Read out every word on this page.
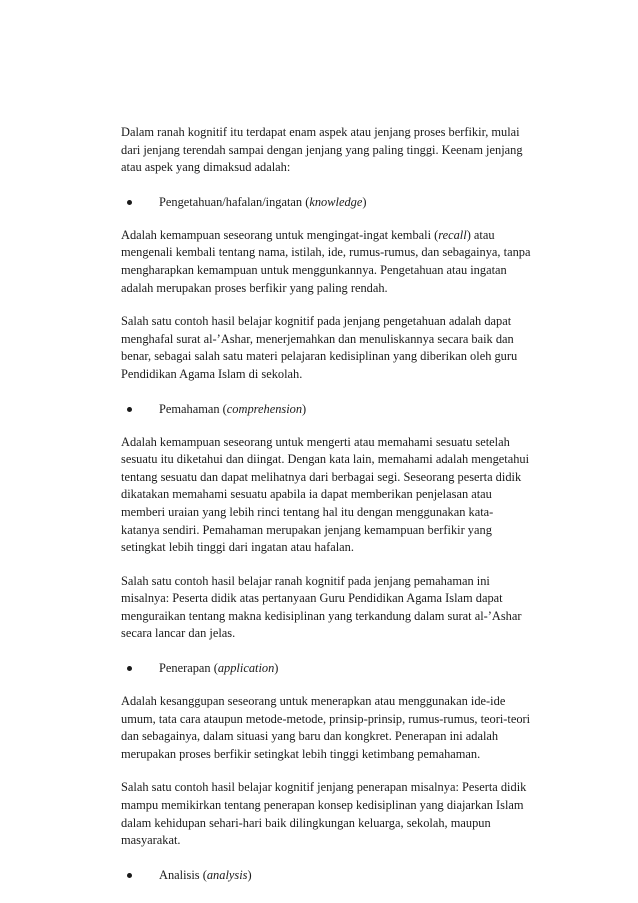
Dalam ranah kognitif itu terdapat enam aspek atau jenjang proses berfikir, mulai
dari jenjang terendah sampai dengan jenjang yang paling tinggi. Keenam jenjang
atau aspek yang dimaksud adalah:
Pengetahuan/hafalan/ingatan (knowledge)
Adalah kemampuan seseorang untuk mengingat-ingat kembali (recall) atau
mengenali kembali tentang nama, istilah, ide, rumus-rumus, dan sebagainya, tanpa
mengharapkan kemampuan untuk menggunkannya. Pengetahuan atau ingatan
adalah merupakan proses berfikir yang paling rendah.
Salah satu contoh hasil belajar kognitif pada jenjang pengetahuan adalah dapat
menghafal surat al-’Ashar, menerjemahkan dan menuliskannya secara baik dan
benar, sebagai salah satu materi pelajaran kedisiplinan yang diberikan oleh guru
Pendidikan Agama Islam di sekolah.
Pemahaman (comprehension)
Adalah kemampuan seseorang untuk mengerti atau memahami sesuatu setelah
sesuatu itu diketahui dan diingat. Dengan kata lain, memahami adalah mengetahui
tentang sesuatu dan dapat melihatnya dari berbagai segi. Seseorang peserta didik
dikatakan memahami sesuatu apabila ia dapat memberikan penjelasan atau
memberi uraian yang lebih rinci tentang hal itu dengan menggunakan kata-
katanya sendiri. Pemahaman merupakan jenjang kemampuan berfikir yang
setingkat lebih tinggi dari ingatan atau hafalan.
Salah satu contoh hasil belajar ranah kognitif pada jenjang pemahaman ini
misalnya: Peserta didik atas pertanyaan Guru Pendidikan Agama Islam dapat
menguraikan tentang makna kedisiplinan yang terkandung dalam surat al-’Ashar
secara lancar dan jelas.
Penerapan (application)
Adalah kesanggupan seseorang untuk menerapkan atau menggunakan ide-ide
umum, tata cara ataupun metode-metode, prinsip-prinsip, rumus-rumus, teori-teori
dan sebagainya, dalam situasi yang baru dan kongkret. Penerapan ini adalah
merupakan proses berfikir setingkat lebih tinggi ketimbang pemahaman.
Salah satu contoh hasil belajar kognitif jenjang penerapan misalnya: Peserta didik
mampu memikirkan tentang penerapan konsep kedisiplinan yang diajarkan Islam
dalam kehidupan sehari-hari baik dilingkungan keluarga, sekolah, maupun
masyarakat.
Analisis (analysis)
